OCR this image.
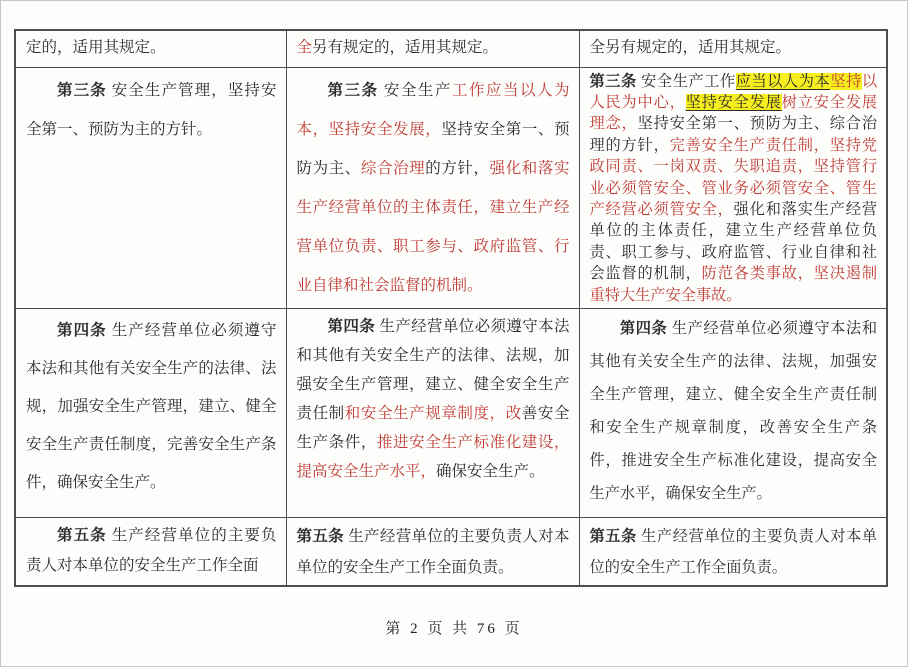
定的，适用其规定。	全另有规定的，适用其规定。	全另有规定的，适用其规定。

第三条 安全生产管理，坚持安全第一、预防为主的方针。	第三条 安全生产工作应当以人为本，坚持安全发展，坚持安全第一、预防为主、综合治理的方针，强化和落实生产经营单位的主体责任，建立生产经营单位负责、职工参与、政府监管、行业自律和社会监督的机制。	第三条 安全生产工作应当以人为本坚持以人民为中心，坚持安全发展树立安全发展理念，坚持安全第一、预防为主、综合治理的方针，完善安全生产责任制，坚持党政同责、一岗双责、失职追责，坚持管行业必须管安全、管业务必须管安全、管生产经营必须管安全，强化和落实生产经营单位的主体责任，建立生产经营单位负责、职工参与、政府监管、行业自律和社会监督的机制，防范各类事故，坚决遏制重特大生产安全事故。

第四条 生产经营单位必须遵守本法和其他有关安全生产的法律、法规，加强安全生产管理，建立、健全安全生产责任制度，完善安全生产条件，确保安全生产。	第四条 生产经营单位必须遵守本法和其他有关安全生产的法律、法规，加强安全生产管理，建立、健全安全生产责任制和安全生产规章制度，改善安全生产条件，推进安全生产标准化建设，提高安全生产水平，确保安全生产。	第四条 生产经营单位必须遵守本法和其他有关安全生产的法律、法规，加强安全生产管理，建立、健全安全生产责任制和安全生产规章制度，改善安全生产条件，推进安全生产标准化建设，提高安全生产水平，确保安全生产。

第五条 生产经营单位的主要负责人对本单位的安全生产工作全面	第五条 生产经营单位的主要负责人对本单位的安全生产工作全面负责。	第五条 生产经营单位的主要负责人对本单位的安全生产工作全面负责。

第 2 页 共 76 页
